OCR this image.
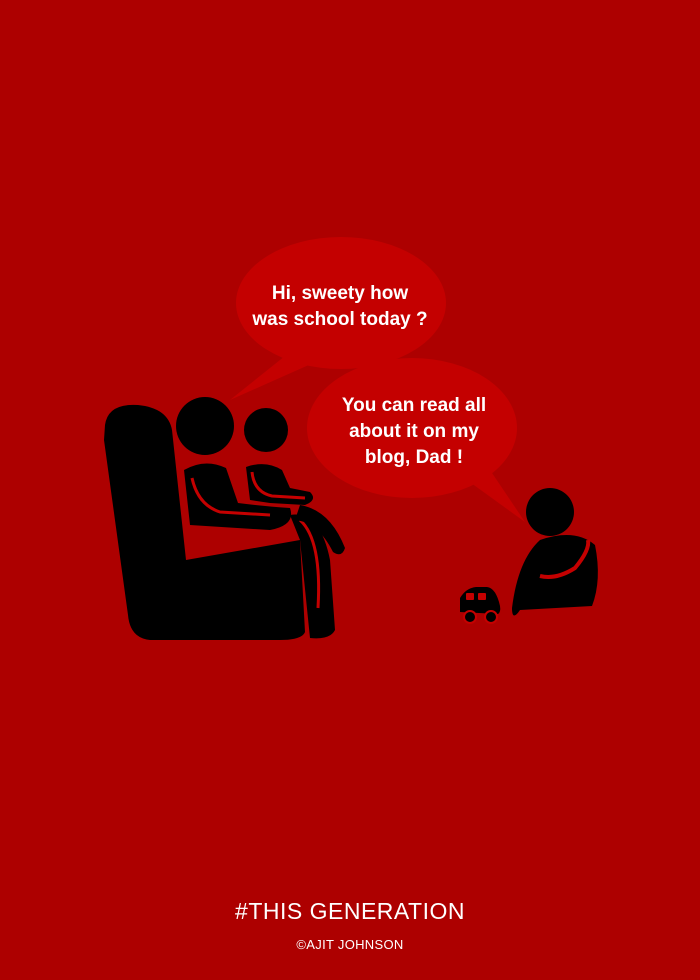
Hi, sweety how
was school today ?
You can read all
about it on my
blog, Dad !
#THIS GENERATION
©AJIT JOHNSON
